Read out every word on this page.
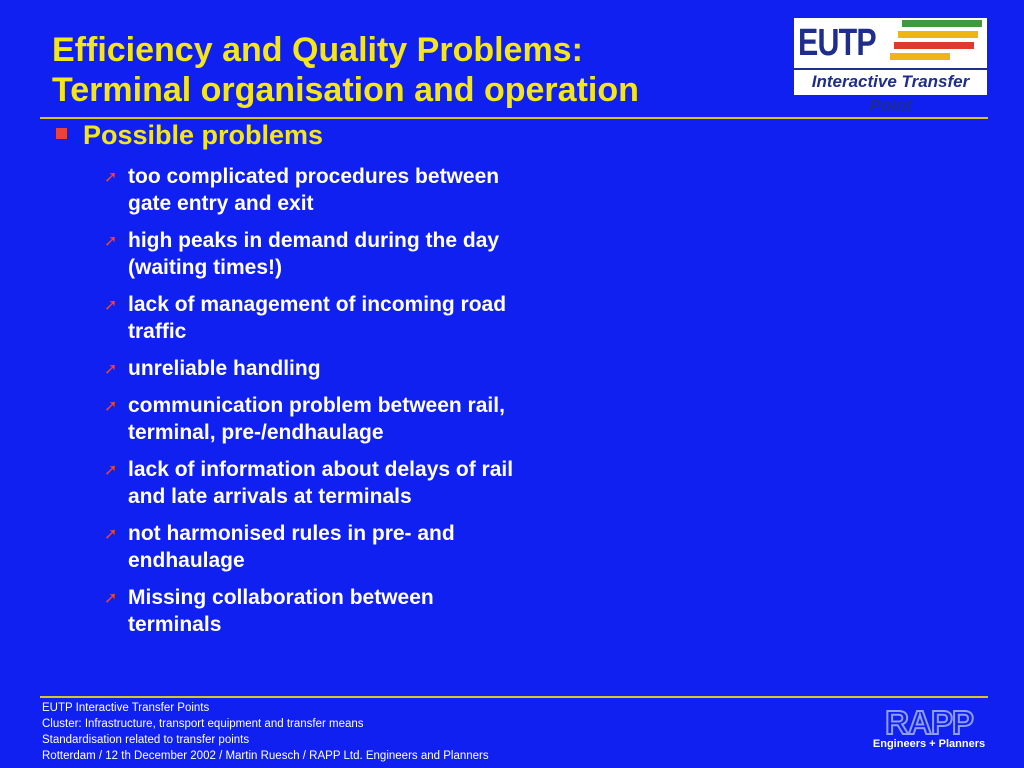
Efficiency and Quality Problems:
Terminal organisation and operation
EUTP
Interactive Transfer Point
Possible problems
➚ too complicated procedures between gate entry and exit
➚ high peaks in demand during the day (waiting times!)
➚ lack of management of incoming road traffic
➚ unreliable handling
➚ communication problem between rail, terminal, pre-/endhaulage
➚ lack of information about delays of rail and late arrivals at terminals
➚ not harmonised rules in pre- and endhaulage
➚ Missing collaboration between terminals
EUTP Interactive Transfer Points
Cluster: Infrastructure, transport equipment and transfer means
Standardisation related to transfer points
Rotterdam / 12 th December 2002 / Martin Ruesch / RAPP Ltd. Engineers and Planners
RAPP
Engineers + Planners
